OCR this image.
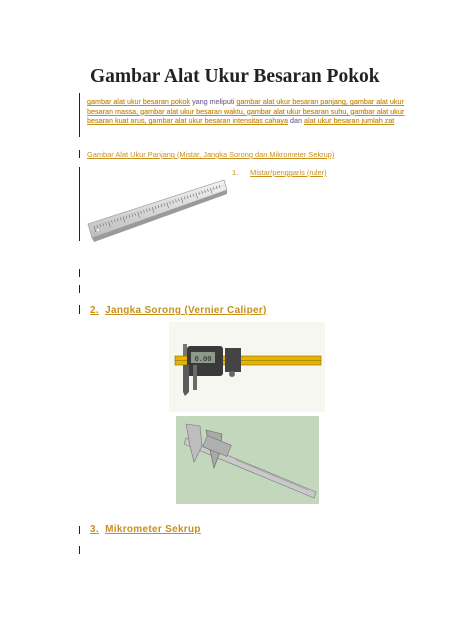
Gambar Alat Ukur Besaran Pokok
gambar alat ukur besaran pokok yang meliputi gambar alat ukur besaran panjang, gambar alat ukur besaran massa, gambar alat ukur besaran waktu, gambar alat ukur besaran suhu, gambar alat ukur besaran kuat arus, gambar alat ukur besaran intensitas cahaya dan alat ukur besaran jumlah zat
Gambar Alat Ukur Panjang (Mistar, Jangka Sorong dan Mikrometer Sekrup)
1. Mistar/penggaris (ruler)
2. Jangka Sorong (Vernier Caliper)
0.00
3. Mikrometer Sekrup
